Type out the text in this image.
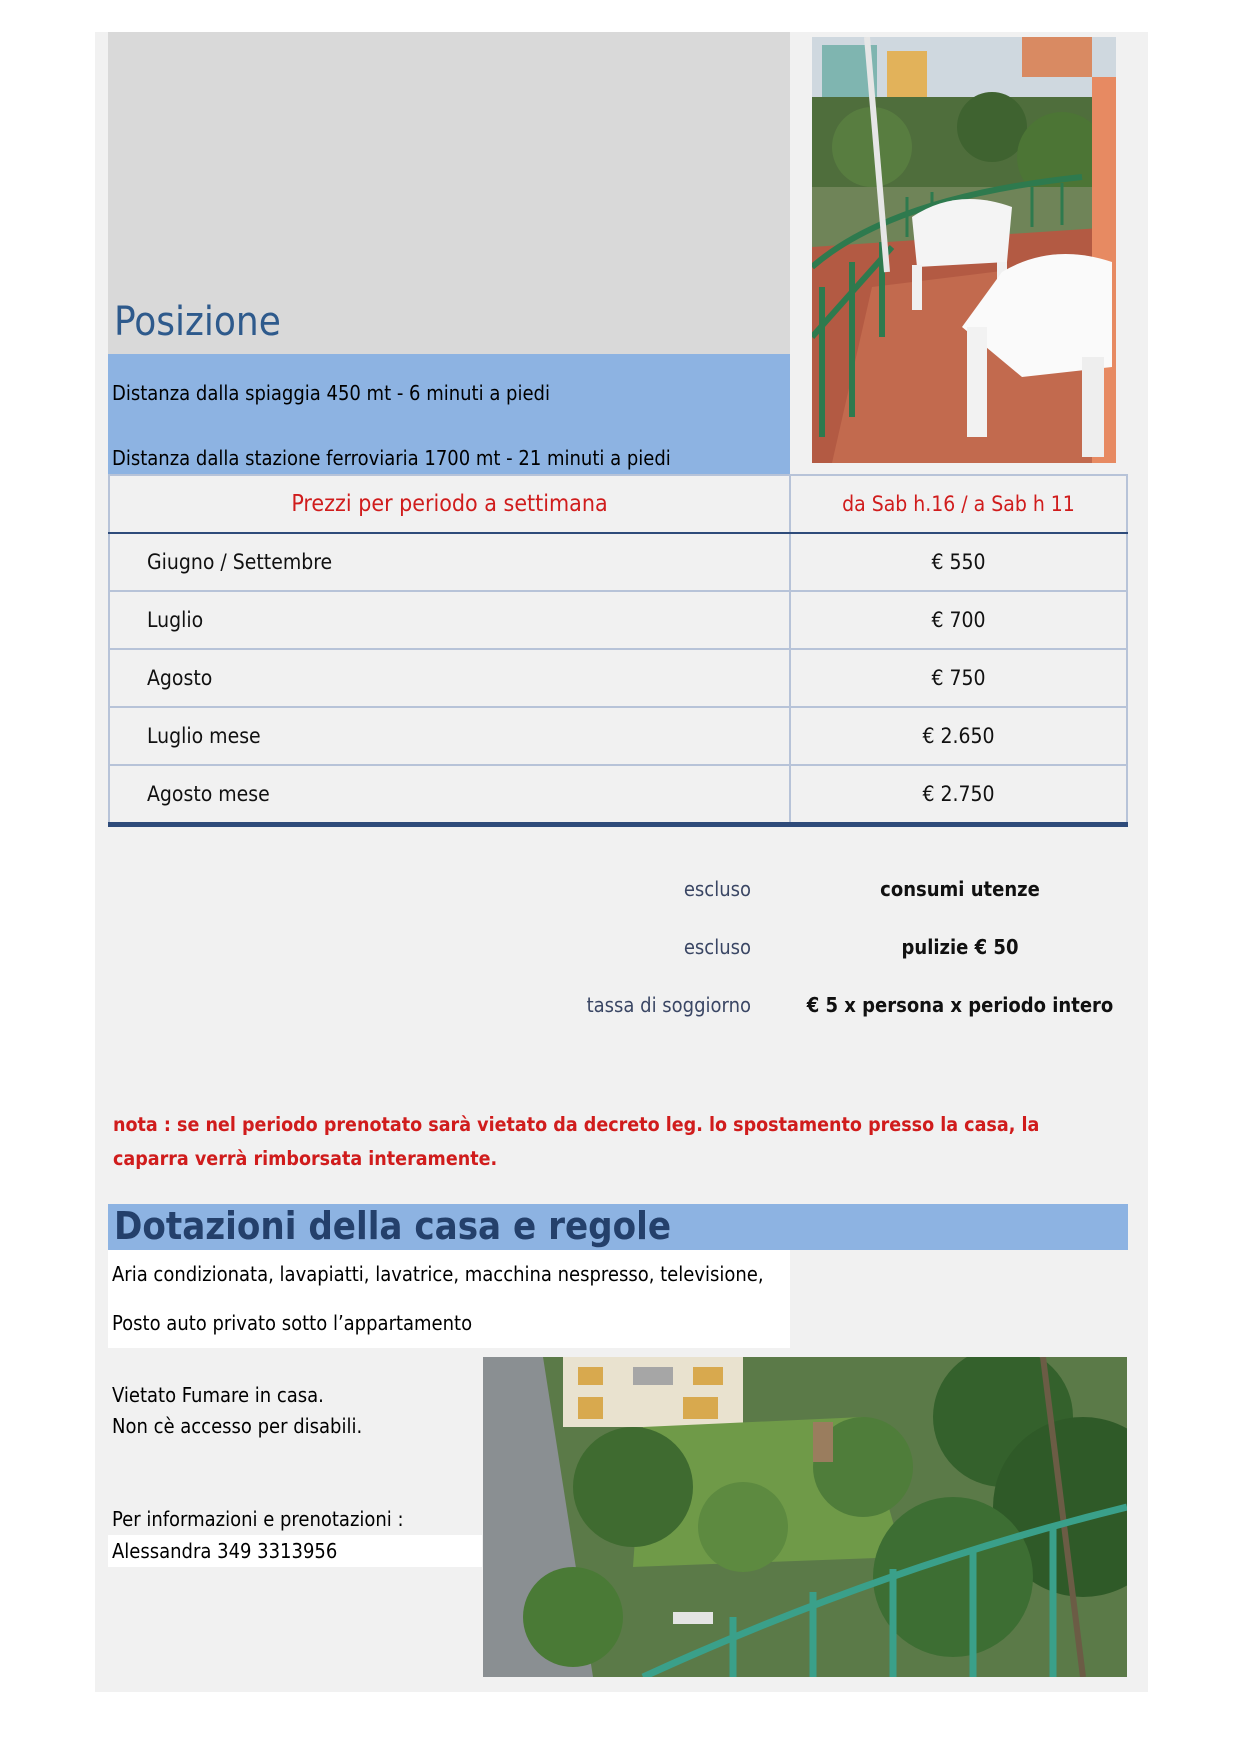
Posizione
Distanza dalla spiaggia 450 mt - 6 minuti a piedi
Distanza dalla stazione ferroviaria 1700 mt - 21 minuti a piedi
Prezzi per periodo a settimana	da Sab h.16 / a Sab h 11
Giugno / Settembre	€ 550
Luglio	€ 700
Agosto	€ 750
Luglio mese	€ 2.650
Agosto mese	€ 2.750
escluso	consumi utenze
escluso	pulizie € 50
tassa di soggiorno	€ 5 x persona x periodo intero
nota : se nel periodo prenotato sarà vietato da decreto leg. lo spostamento presso la casa, la caparra verrà rimborsata interamente.
Dotazioni della casa e regole
Aria condizionata, lavapiatti, lavatrice, macchina nespresso, televisione,
Posto auto privato sotto l’appartamento
Vietato Fumare in casa.
Non cè accesso per disabili.
Per informazioni e prenotazioni :
Alessandra 349 3313956
